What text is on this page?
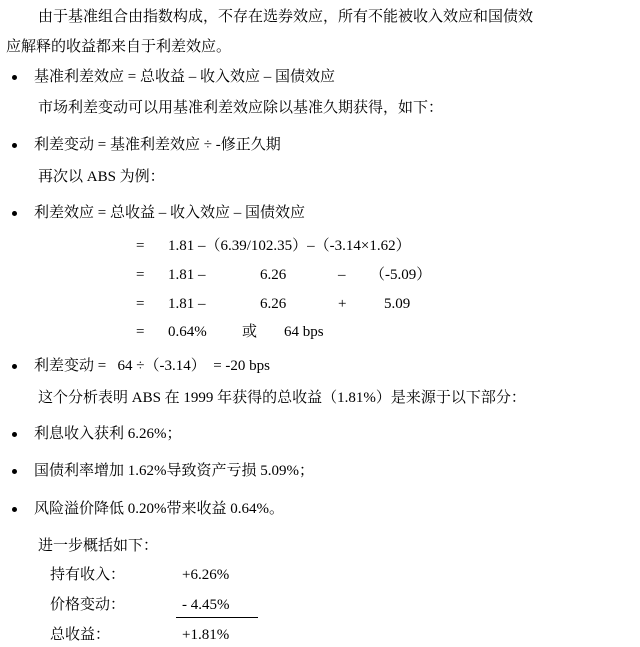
由于基准组合由指数构成，不存在选券效应，所有不能被收入效应和国债效
应解释的收益都来自于利差效应。
基准利差效应 = 总收益 – 收入效应 – 国债效应
市场利差变动可以用基准利差效应除以基准久期获得，如下：
利差变动 = 基准利差效应 ÷ -修正久期
再次以 ABS 为例：
利差效应 = 总收益 – 收入效应 – 国债效应
= 1.81 –（6.39/102.35）–（-3.14×1.62）
= 1.81 –	6.26	– （-5.09）
= 1.81 –	6.26	+	5.09
= 0.64% 或 64 bps
利差变动 =   64 ÷（-3.14）  = -20 bps
这个分析表明 ABS 在 1999 年获得的总收益（1.81%）是来源于以下部分：
利息收入获利 6.26%；
国债利率增加 1.62%导致资产亏损 5.09%；
风险溢价降低 0.20%带来收益 0.64%。
进一步概括如下：
持有收入：	+6.26%
价格变动：	- 4.45%
总收益：	+1.81%
